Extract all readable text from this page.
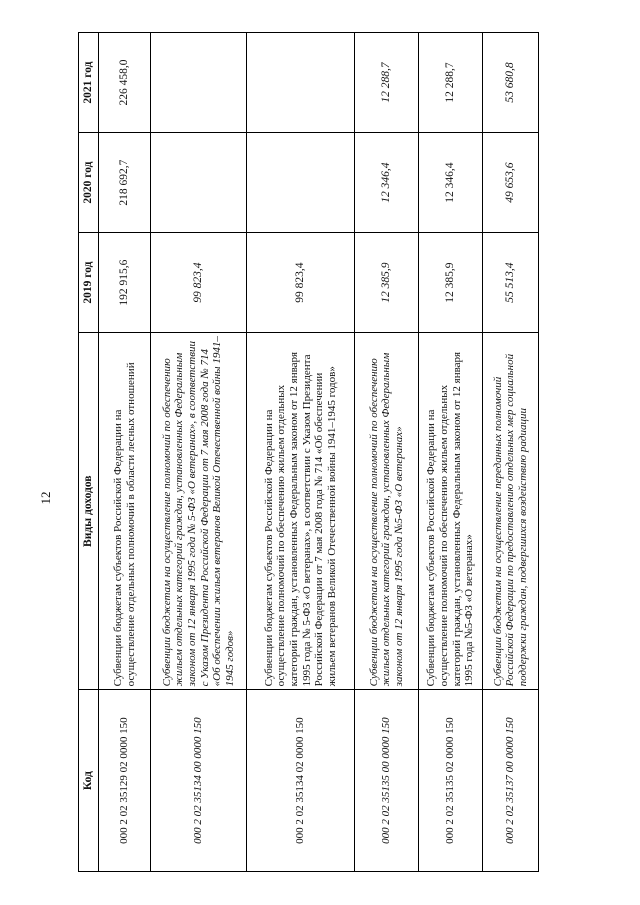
12
Код	Виды доходов	2019 год	2020 год	2021 год
000 2 02 35129 02 0000 150	Субвенции бюджетам субъектов Российской Федерации на осуществление отдельных полномочий в области лесных отношений	192 915,6	218 692,7	226 458,0
000 2 02 35134 00 0000 150	Субвенции бюджетам на осуществление полномочий по обеспечению жильем отдельных категорий граждан, установленных Федеральным законом от 12 января 1995 года № 5-ФЗ «О ветеранах», в соответствии с Указом Президента Российской Федерации от 7 мая 2008 года № 714 «Об обеспечении жильем ветеранов Великой Отечественной войны 1941–1945 годов»	99 823,4		
000 2 02 35134 02 0000 150	Субвенции бюджетам субъектов Российской Федерации на осуществление полномочий по обеспечению жильем отдельных категорий граждан, установленных Федеральным законом от 12 января 1995 года № 5-ФЗ «О ветеранах», в соответствии с Указом Президента Российской Федерации от 7 мая 2008 года № 714 «Об обеспечении жильем ветеранов Великой Отечественной войны 1941–1945 годов»	99 823,4		
000 2 02 35135 00 0000 150	Субвенции бюджетам на осуществление полномочий по обеспечению жильем отдельных категорий граждан, установленных Федеральным законом от 12 января 1995 года №5-ФЗ «О ветеранах»	12 385,9	12 346,4	12 288,7
000 2 02 35135 02 0000 150	Субвенции бюджетам субъектов Российской Федерации на осуществление полномочий по обеспечению жильем отдельных категорий граждан, установленных Федеральным законом от 12 января 1995 года №5-ФЗ «О ветеранах»	12 385,9	12 346,4	12 288,7
000 2 02 35137 00 0000 150	Субвенции бюджетам на осуществление переданных полномочий Российской Федерации по предоставлению отдельных мер социальной поддержки граждан, подвергшихся воздействию радиации	55 513,4	49 653,6	53 680,8
